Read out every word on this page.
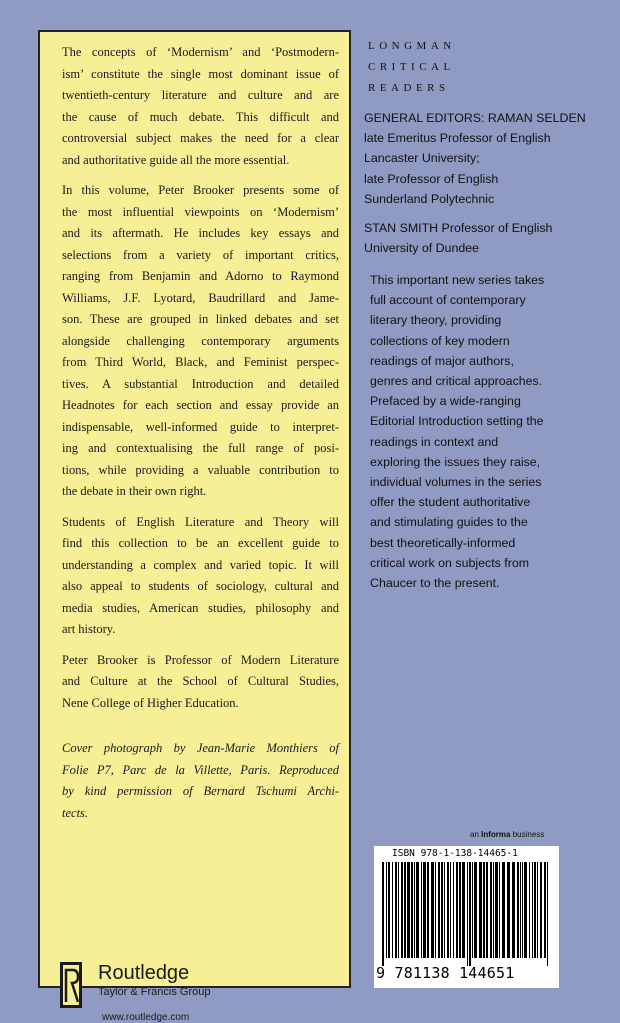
The concepts of ‘Modernism’ and ‘Postmodern-
ism’ constitute the single most dominant issue of
twentieth-century literature and culture and are
the cause of much debate. This difficult and
controversial subject makes the need for a clear
and authoritative guide all the more essential.
In this volume, Peter Brooker presents some of
the most influential viewpoints on ‘Modernism’
and its aftermath. He includes key essays and
selections from a variety of important critics,
ranging from Benjamin and Adorno to Raymond
Williams, J.F. Lyotard, Baudrillard and Jame-
son. These are grouped in linked debates and set
alongside challenging contemporary arguments
from Third World, Black, and Feminist perspec-
tives. A substantial Introduction and detailed
Headnotes for each section and essay provide an
indispensable, well-informed guide to interpret-
ing and contextualising the full range of posi-
tions, while providing a valuable contribution to
the debate in their own right.
Students of English Literature and Theory will
find this collection to be an excellent guide to
understanding a complex and varied topic. It will
also appeal to students of sociology, cultural and
media studies, American studies, philosophy and
art history.
Peter Brooker is Professor of Modern Literature
and Culture at the School of Cultural Studies,
Nene College of Higher Education.
Cover photograph by Jean-Marie Monthiers of
Folie P7, Parc de la Villette, Paris. Reproduced
by kind permission of Bernard Tschumi Archi-
tects.
Routledge
Taylor & Francis Group
www.routledge.com
LONGMAN
CRITICAL
READERS
GENERAL EDITORS: RAMAN SELDEN
late Emeritus Professor of English
Lancaster University;
late Professor of English
Sunderland Polytechnic
STAN SMITH Professor of English
University of Dundee
This important new series takes
full account of contemporary
literary theory, providing
collections of key modern
readings of major authors,
genres and critical approaches.
Prefaced by a wide-ranging
Editorial Introduction setting the
readings in context and
exploring the issues they raise,
individual volumes in the series
offer the student authoritative
and stimulating guides to the
best theoretically-informed
critical work on subjects from
Chaucer to the present.
an Informa business
ISBN 978-1-138-14465-1
9 781138 144651
